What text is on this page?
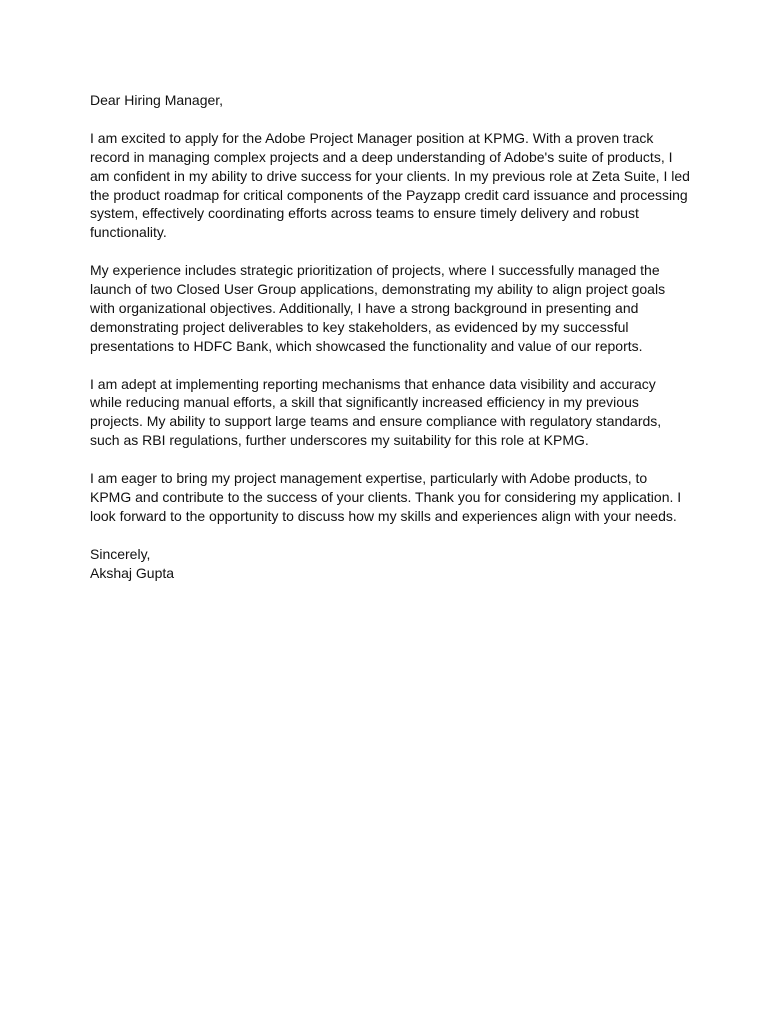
Dear Hiring Manager,

I am excited to apply for the Adobe Project Manager position at KPMG. With a proven track record in managing complex projects and a deep understanding of Adobe's suite of products, I am confident in my ability to drive success for your clients. In my previous role at Zeta Suite, I led the product roadmap for critical components of the Payzapp credit card issuance and processing system, effectively coordinating efforts across teams to ensure timely delivery and robust functionality.

My experience includes strategic prioritization of projects, where I successfully managed the launch of two Closed User Group applications, demonstrating my ability to align project goals with organizational objectives. Additionally, I have a strong background in presenting and demonstrating project deliverables to key stakeholders, as evidenced by my successful presentations to HDFC Bank, which showcased the functionality and value of our reports.

I am adept at implementing reporting mechanisms that enhance data visibility and accuracy while reducing manual efforts, a skill that significantly increased efficiency in my previous projects. My ability to support large teams and ensure compliance with regulatory standards, such as RBI regulations, further underscores my suitability for this role at KPMG.

I am eager to bring my project management expertise, particularly with Adobe products, to KPMG and contribute to the success of your clients. Thank you for considering my application. I look forward to the opportunity to discuss how my skills and experiences align with your needs.

Sincerely,
Akshaj Gupta
